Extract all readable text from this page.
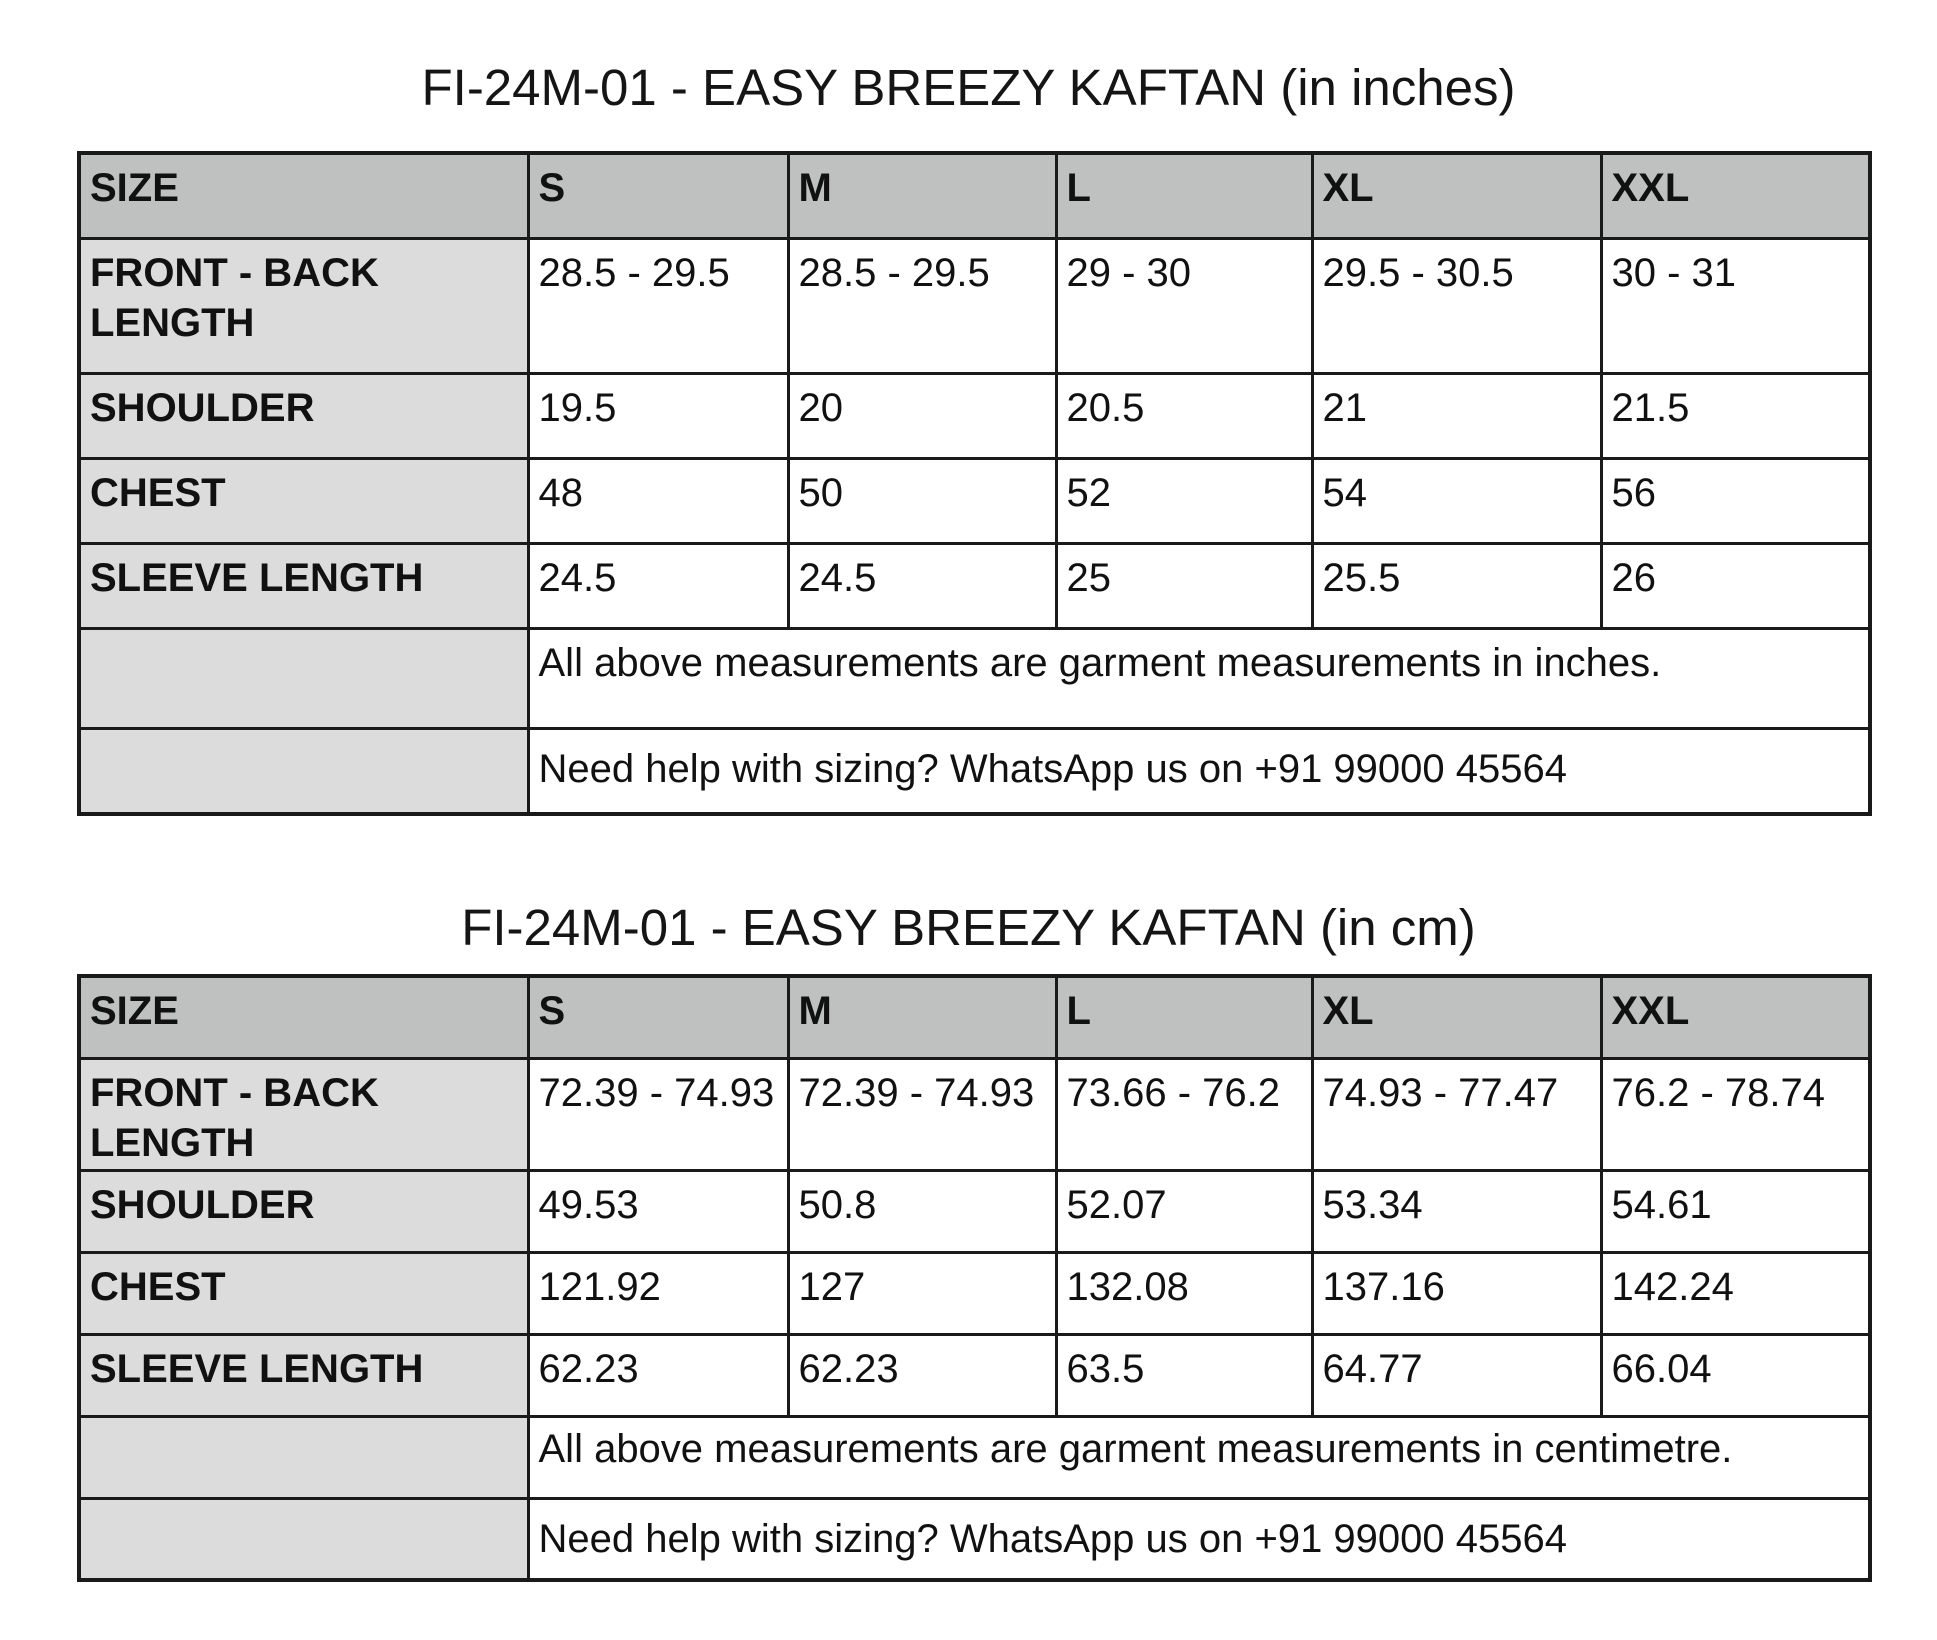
FI-24M-01 - EASY BREEZY KAFTAN (in inches)
SIZE	S	M	L	XL	XXL
FRONT - BACK LENGTH	28.5 - 29.5	28.5 - 29.5	29 - 30	29.5 - 30.5	30 - 31
SHOULDER	19.5	20	20.5	21	21.5
CHEST	48	50	52	54	56
SLEEVE LENGTH	24.5	24.5	25	25.5	26
	All above measurements are garment measurements in inches.				
	Need help with sizing? WhatsApp us on +91 99000 45564				
FI-24M-01 - EASY BREEZY KAFTAN (in cm)
SIZE	S	M	L	XL	XXL
FRONT - BACK LENGTH	72.39 - 74.93	72.39 - 74.93	73.66 - 76.2	74.93 - 77.47	76.2 - 78.74
SHOULDER	49.53	50.8	52.07	53.34	54.61
CHEST	121.92	127	132.08	137.16	142.24
SLEEVE LENGTH	62.23	62.23	63.5	64.77	66.04
	All above measurements are garment measurements in centimetre.				
	Need help with sizing? WhatsApp us on +91 99000 45564				
